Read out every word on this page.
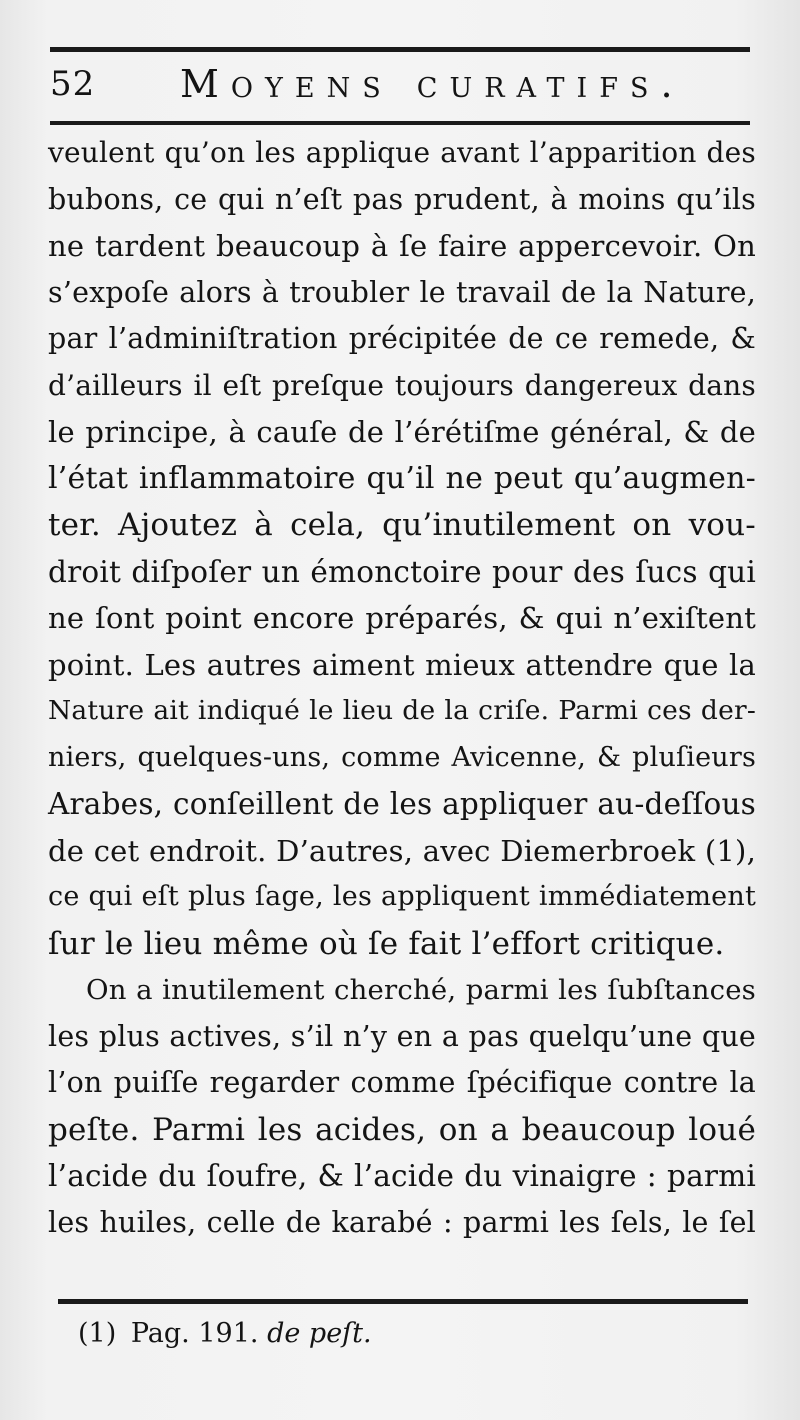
52 Moyens curatifs.
veulent qu’on les applique avant l’apparition des
bubons, ce qui n’eſt pas prudent, à moins qu’ils
ne tardent beaucoup à ſe faire appercevoir. On
s’expoſe alors à troubler le travail de la Nature,
par l’adminiſtration précipitée de ce remede, &
d’ailleurs il eſt preſque toujours dangereux dans
le principe, à cauſe de l’érétiſme général, & de
l’état inflammatoire qu’il ne peut qu’augmen-
ter. Ajoutez à cela, qu’inutilement on vou-
droit diſpoſer un émonctoire pour des ſucs qui
ne ſont point encore préparés, & qui n’exiſtent
point. Les autres aiment mieux attendre que la
Nature ait indiqué le lieu de la criſe. Parmi ces der-
niers, quelques-uns, comme Avicenne, & pluſieurs
Arabes, conſeillent de les appliquer au-deſſous
de cet endroit. D’autres, avec Diemerbroek (1),
ce qui eſt plus ſage, les appliquent immédiatement
ſur le lieu même où ſe fait l’effort critique.
On a inutilement cherché, parmi les ſubſtances
les plus actives, s’il n’y en a pas quelqu’une que
l’on puiſſe regarder comme ſpécifique contre la
peſte. Parmi les acides, on a beaucoup loué
l’acide du ſoufre, & l’acide du vinaigre : parmi
les huiles, celle de karabé : parmi les ſels, le ſel
(1) Pag. 191. de peſt.
